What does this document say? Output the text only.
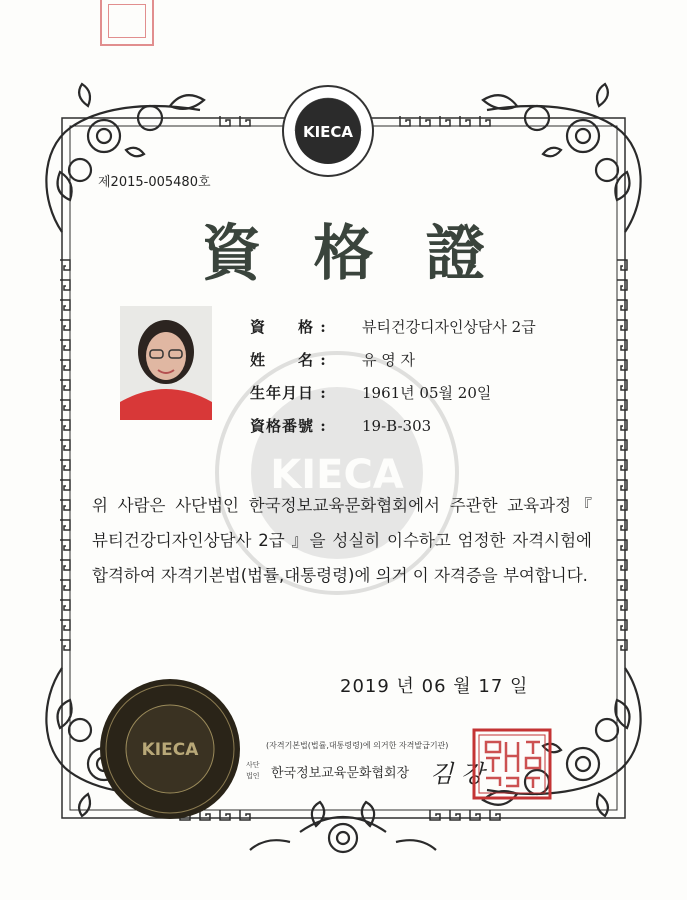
KIECA
제2015-005480호
資格證
KIECA
資　　格 :	뷰티건강디자인상담사 2급
姓　　名 :	유 영 자
生年月日 :	1961년 05월 20일
資格番號 :	19-B-303
위 사람은 사단법인 한국정보교육문화협회에서 주관한 교육과정『 뷰티건강디자인상담사 2급 』을 성실히 이수하고 엄정한 자격시험에 합격하여 자격기본법(법률,대통령령)에 의거 이 자격증을 부여합니다.
2019 년 06 월 17 일
KIECA	(자격기본법(법률,대통령령)에 의거한 자격발급기관)
사단법인 한국정보교육문화협회장 김 강
